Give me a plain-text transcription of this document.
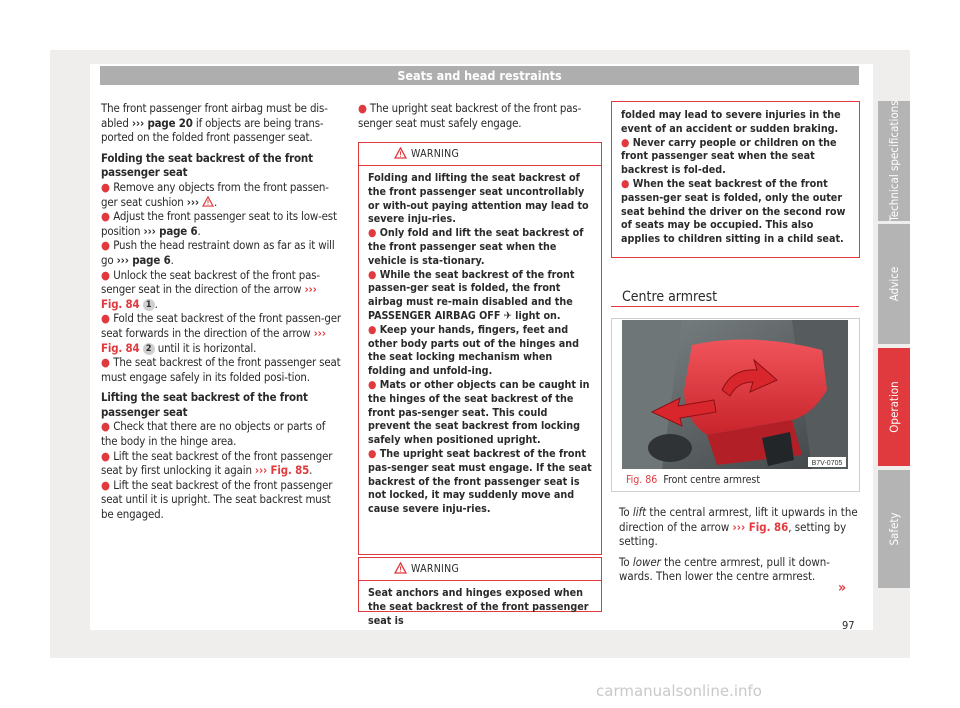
Seats and head restraints

The front passenger front airbag must be dis-abled ››› page 20 if objects are being trans-ported on the folded front passenger seat.

Folding the seat backrest of the front passenger seat

● Remove any objects from the front passen-ger seat cushion ››› .

● Adjust the front passenger seat to its low-est position ››› page 6.

● Push the head restraint down as far as it will go ››› page 6.

● Unlock the seat backrest of the front pas-senger seat in the direction of the arrow ››› Fig. 84 1 .

● Fold the seat backrest of the front passen-ger seat forwards in the direction of the arrow ››› Fig. 84 2 until it is horizontal.

● The seat backrest of the front passenger seat must engage safely in its folded posi-tion.

Lifting the seat backrest of the front passenger seat

● Check that there are no objects or parts of the body in the hinge area.

● Lift the seat backrest of the front passenger seat by first unlocking it again ››› Fig. 85.

● Lift the seat backrest of the front passenger seat until it is upright. The seat backrest must be engaged.

● The upright seat backrest of the front pas-senger seat must safely engage.

WARNING

Folding and lifting the seat backrest of the front passenger seat uncontrollably or with-out paying attention may lead to severe inju-ries.

● Only fold and lift the seat backrest of the front passenger seat when the vehicle is sta-tionary.

● While the seat backrest of the front passen-ger seat is folded, the front airbag must re-main disabled and the PASSENGER AIRBAG OFF ✈ light on.

● Keep your hands, fingers, feet and other body parts out of the hinges and the seat locking mechanism when folding and unfold-ing.

● Mats or other objects can be caught in the hinges of the seat backrest of the front pas-senger seat. This could prevent the seat backrest from locking safely when positioned upright.

● The upright seat backrest of the front pas-senger seat must engage. If the seat backrest of the front passenger seat is not locked, it may suddenly move and cause severe inju-ries.

WARNING

Seat anchors and hinges exposed when the seat backrest of the front passenger seat is

folded may lead to severe injuries in the event of an accident or sudden braking.

● Never carry people or children on the front passenger seat when the seat backrest is fol-ded.

● When the seat backrest of the front passen-ger seat is folded, only the outer seat behind the driver on the second row of seats may be occupied. This also applies to children sitting in a child seat.

Centre armrest
B7V-0705
Fig. 86 Front centre armrest

To lift the central armrest, lift it upwards in the direction of the arrow ››› Fig. 86, setting by setting.

To lower the centre armrest, pull it down-wards. Then lower the centre armrest.

»
97
Technical specifications
Advice
Operation
Safety
carmanualsonline.info
